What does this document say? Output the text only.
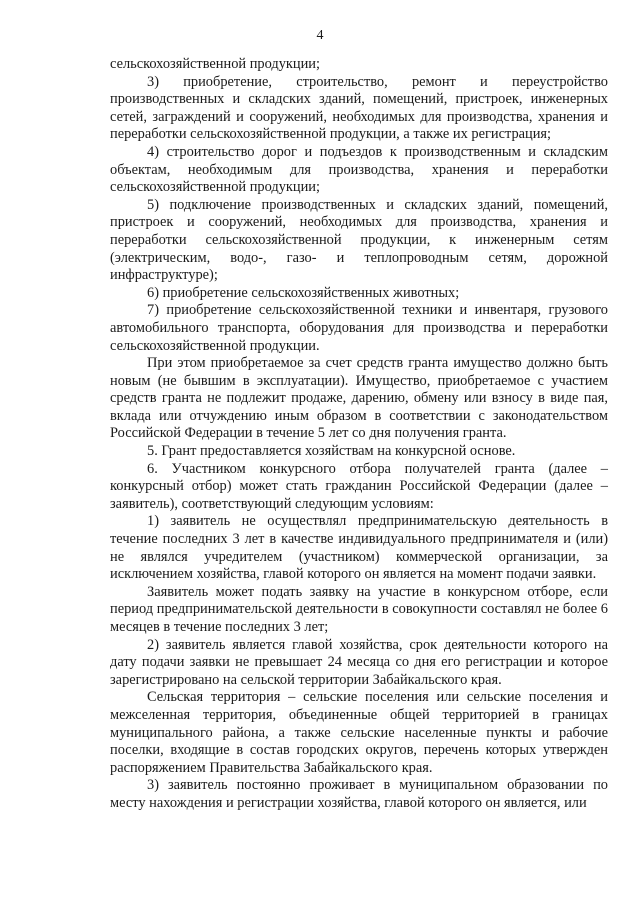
4

сельскохозяйственной продукции;

3) приобретение, строительство, ремонт и переустройство производственных и складских зданий, помещений, пристроек, инженерных сетей, заграждений и сооружений, необходимых для производства, хранения и переработки сельскохозяйственной продукции, а также их регистрация;

4) строительство дорог и подъездов к производственным и складским объектам, необходимым для производства, хранения и переработки сельскохозяйственной продукции;

5) подключение производственных и складских зданий, помещений, пристроек и сооружений, необходимых для производства, хранения и переработки сельскохозяйственной продукции, к инженерным сетям (электрическим, водо-, газо- и теплопроводным сетям, дорожной инфраструктуре);

6) приобретение сельскохозяйственных животных;

7) приобретение сельскохозяйственной техники и инвентаря, грузового автомобильного транспорта, оборудования для производства и переработки сельскохозяйственной продукции.

При этом приобретаемое за счет средств гранта имущество должно быть новым (не бывшим в эксплуатации). Имущество, приобретаемое с участием средств гранта не подлежит продаже, дарению, обмену или взносу в виде пая, вклада или отчуждению иным образом в соответствии с законодательством Российской Федерации в течение 5 лет со дня получения гранта.

5. Грант предоставляется хозяйствам на конкурсной основе.

6. Участником конкурсного отбора получателей гранта (далее – конкурсный отбор) может стать гражданин Российской Федерации (далее – заявитель), соответствующий следующим условиям:

1) заявитель не осуществлял предпринимательскую деятельность в течение последних 3 лет в качестве индивидуального предпринимателя и (или) не являлся учредителем (участником) коммерческой организации, за исключением хозяйства, главой которого он является на момент подачи заявки.

Заявитель может подать заявку на участие в конкурсном отборе, если период предпринимательской деятельности в совокупности составлял не более 6 месяцев в течение последних 3 лет;

2) заявитель является главой хозяйства, срок деятельности которого на дату подачи заявки не превышает 24 месяца со дня его регистрации и которое зарегистрировано на сельской территории Забайкальского края.

Сельская территория – сельские поселения или сельские поселения и межселенная территория, объединенные общей территорией в границах муниципального района, а также сельские населенные пункты и рабочие поселки, входящие в состав городских округов, перечень которых утвержден распоряжением Правительства Забайкальского края.

3) заявитель постоянно проживает в муниципальном образовании по месту нахождения и регистрации хозяйства, главой которого он является, или
